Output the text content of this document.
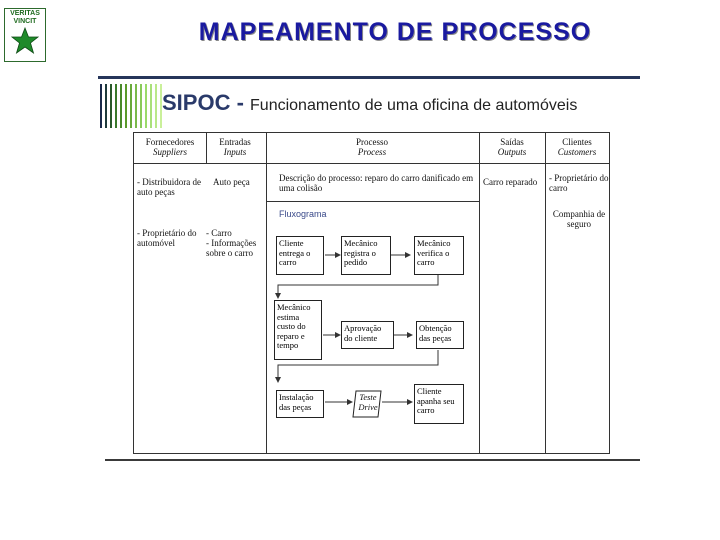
VERITAS
VINCIT	MAPEAMENTO DE PROCESSO
SIPOC - Funcionamento de uma oficina de automóveis
Fornecedores
Suppliers
Entradas
Inputs
Processo
Process
Saídas
Outputs
Clientes
Customers
- Distribuidora de auto peças
- Proprietário do automóvel
Auto peça
- Carro
- Informações sobre o carro
Descrição do processo: reparo do carro danificado em uma colisão
Fluxograma
Cliente entrega o carro
Mecânico registra o pedido
Mecânico verifica o carro
Mecânico estima custo do reparo e tempo
Aprovação do cliente
Obtenção das peças
Instalação das peças
Teste Drive
Cliente apanha seu carro
Carro reparado	- Proprietário do carro
Companhia de seguro
